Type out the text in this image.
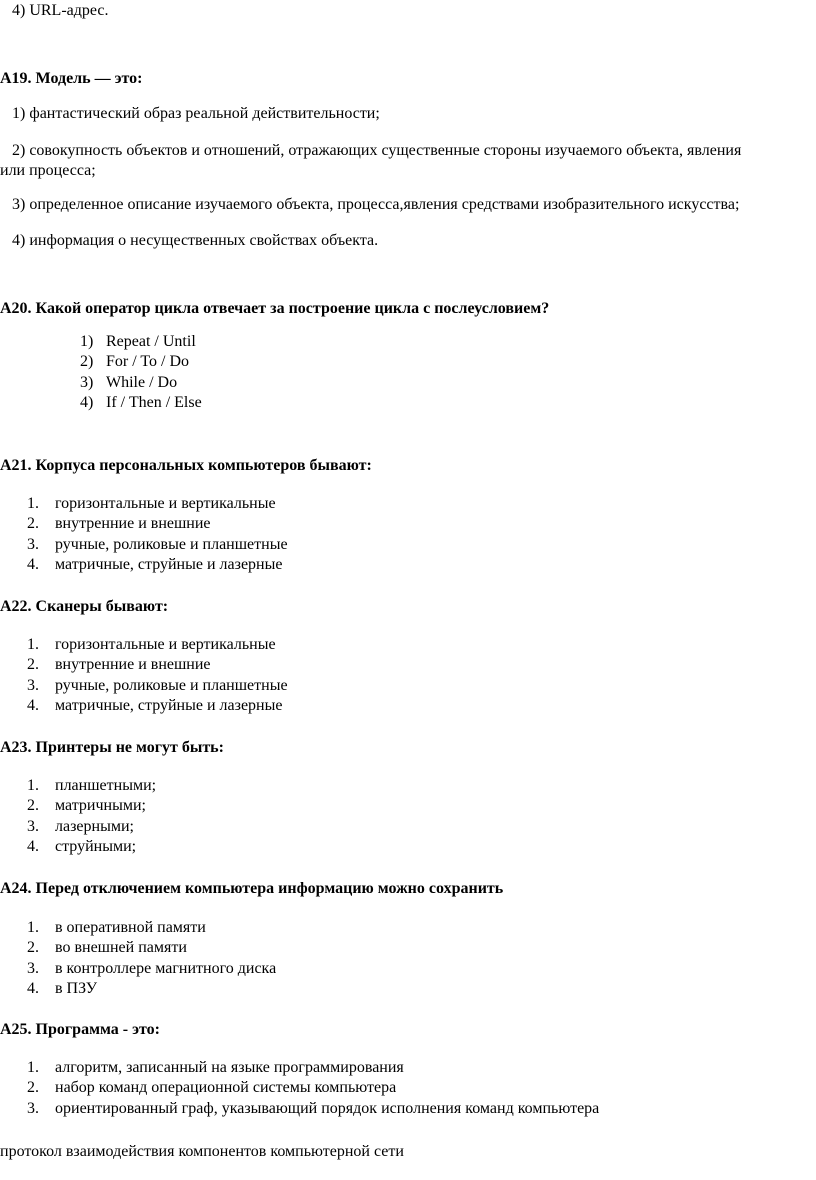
4) URL-адрес.
А19. Модель — это:
1) фантастический образ реальной действительности;
2) совокупность объектов и отношений, отражающих существенные стороны изучаемого объекта, явления
или процесса;
3) определенное описание изучаемого объекта, процесса,явления средствами изобразительного искусства;
4) информация о несущественных свойствах объекта.
А20. Какой оператор цикла отвечает за построение цикла с послеусловием?
1) Repeat / Until
2) For / To / Do
3) While / Do
4) If / Then / Else
А21. Корпуса персональных компьютеров бывают:
1. горизонтальные и вертикальные
2. внутренние и внешние
3. ручные, роликовые и планшетные
4. матричные, струйные и лазерные
А22. Сканеры бывают:
1. горизонтальные и вертикальные
2. внутренние и внешние
3. ручные, роликовые и планшетные
4. матричные, струйные и лазерные
А23. Принтеры не могут быть:
1. планшетными;
2. матричными;
3. лазерными;
4. струйными;
А24. Перед отключением компьютера информацию можно сохранить
1. в оперативной памяти
2. во внешней памяти
3. в контроллере магнитного диска
4. в ПЗУ
А25. Программа - это:
1. алгоритм, записанный на языке программирования
2. набор команд операционной системы компьютера
3. ориентированный граф, указывающий порядок исполнения команд компьютера
протокол взаимодействия компонентов компьютерной сети
